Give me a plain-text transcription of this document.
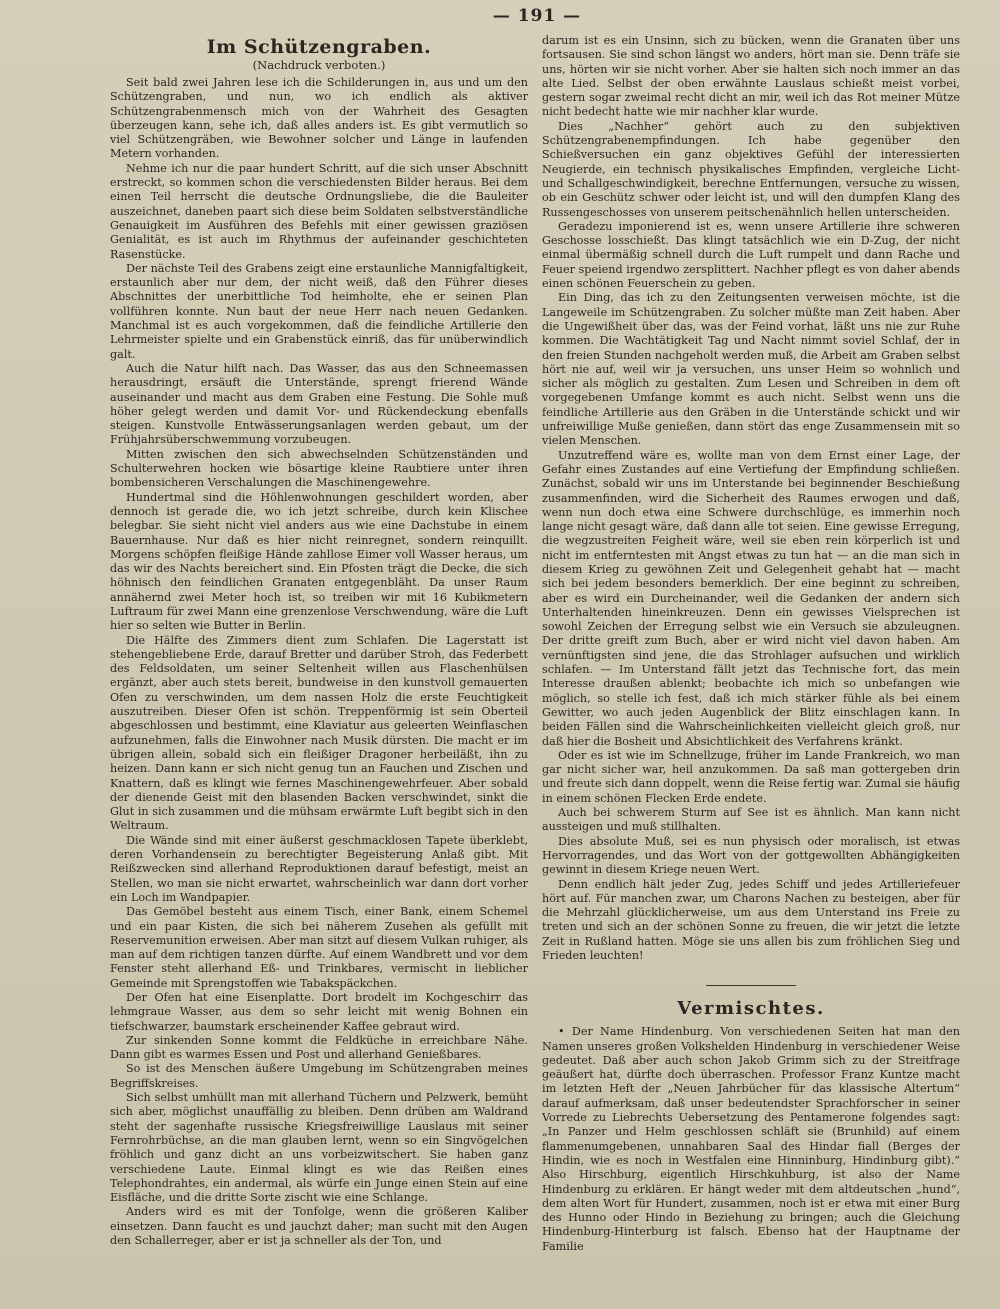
— 191 —
Im Schützengraben.
(Nachdruck verboten.)

Seit bald zwei Jahren lese ich die Schilderungen in, aus und um den Schützengraben, und nun, wo ich endlich als aktiver Schützengrabenmensch mich von der Wahrheit des Gesagten überzeugen kann, sehe ich, daß alles anders ist. Es gibt vermutlich so viel Schützengräben, wie Bewohner solcher und Länge in laufenden Metern vorhanden.

Nehme ich nur die paar hundert Schritt, auf die sich unser Abschnitt erstreckt, so kommen schon die verschiedensten Bilder heraus. Bei dem einen Teil herrscht die deutsche Ordnungsliebe, die die Bauleiter auszeichnet, daneben paart sich diese beim Soldaten selbstverständliche Genauigkeit im Ausführen des Befehls mit einer gewissen graziösen Genialität, es ist auch im Rhythmus der aufeinander geschichteten Rasenstücke.

Der nächste Teil des Grabens zeigt eine erstaunliche Mannigfaltigkeit, erstaunlich aber nur dem, der nicht weiß, daß den Führer dieses Abschnittes der unerbittliche Tod heimholte, ehe er seinen Plan vollführen konnte. Nun baut der neue Herr nach neuen Gedanken. Manchmal ist es auch vorgekommen, daß die feindliche Artillerie den Lehrmeister spielte und ein Grabenstück einriß, das für unüberwindlich galt.

Auch die Natur hilft nach. Das Wasser, das aus den Schneemassen herausdringt, ersäuft die Unterstände, sprengt frierend Wände auseinander und macht aus dem Graben eine Festung. Die Sohle muß höher gelegt werden und damit Vor- und Rückendeckung ebenfalls steigen. Kunstvolle Entwässerungsanlagen werden gebaut, um der Frühjahrsüberschwemmung vorzubeugen.

Mitten zwischen den sich abwechselnden Schützenständen und Schulterwehren hocken wie bösartige kleine Raubtiere unter ihren bombensicheren Verschalungen die Maschinengewehre.

Hundertmal sind die Höhlenwohnungen geschildert worden, aber dennoch ist gerade die, wo ich jetzt schreibe, durch kein Klischee belegbar. Sie sieht nicht viel anders aus wie eine Dachstube in einem Bauernhause. Nur daß es hier nicht reinregnet, sondern reinquillt. Morgens schöpfen fleißige Hände zahllose Eimer voll Wasser heraus, um das wir des Nachts bereichert sind. Ein Pfosten trägt die Decke, die sich höhnisch den feindlichen Granaten entgegenbläht. Da unser Raum annähernd zwei Meter hoch ist, so treiben wir mit 16 Kubikmetern Luftraum für zwei Mann eine grenzenlose Verschwendung, wäre die Luft hier so selten wie Butter in Berlin.

Die Hälfte des Zimmers dient zum Schlafen. Die Lagerstatt ist stehengebliebene Erde, darauf Bretter und darüber Stroh, das Federbett des Feldsoldaten, um seiner Seltenheit willen aus Flaschenhülsen ergänzt, aber auch stets bereit, bundweise in den kunstvoll gemauerten Ofen zu verschwinden, um dem nassen Holz die erste Feuchtigkeit auszutreiben. Dieser Ofen ist schön. Treppenförmig ist sein Oberteil abgeschlossen und bestimmt, eine Klaviatur aus geleerten Weinflaschen aufzunehmen, falls die Einwohner nach Musik dürsten. Die macht er im übrigen allein, sobald sich ein fleißiger Dragoner herbeiläßt, ihn zu heizen. Dann kann er sich nicht genug tun an Fauchen und Zischen und Knattern, daß es klingt wie fernes Maschinengewehrfeuer. Aber sobald der dienende Geist mit den blasenden Backen verschwindet, sinkt die Glut in sich zusammen und die mühsam erwärmte Luft begibt sich in den Weltraum.

Die Wände sind mit einer äußerst geschmacklosen Tapete überklebt, deren Vorhandensein zu berechtigter Begeisterung Anlaß gibt. Mit Reißzwecken sind allerhand Reproduktionen darauf befestigt, meist an Stellen, wo man sie nicht erwartet, wahrscheinlich war dann dort vorher ein Loch im Wandpapier.

Das Gemöbel besteht aus einem Tisch, einer Bank, einem Schemel und ein paar Kisten, die sich bei näherem Zusehen als gefüllt mit Reservemunition erweisen. Aber man sitzt auf diesem Vulkan ruhiger, als man auf dem richtigen tanzen dürfte. Auf einem Wandbrett und vor dem Fenster steht allerhand Eß- und Trinkbares, vermischt in lieblicher Gemeinde mit Sprengstoffen wie Tabakspäckchen.

Der Ofen hat eine Eisenplatte. Dort brodelt im Kochgeschirr das lehmgraue Wasser, aus dem so sehr leicht mit wenig Bohnen ein tiefschwarzer, baumstark erscheinender Kaffee gebraut wird.

Zur sinkenden Sonne kommt die Feldküche in erreichbare Nähe. Dann gibt es warmes Essen und Post und allerhand Genießbares.

So ist des Menschen äußere Umgebung im Schützengraben meines Begriffskreises.

Sich selbst umhüllt man mit allerhand Tüchern und Pelzwerk, bemüht sich aber, möglichst unauffällig zu bleiben. Denn drüben am Waldrand steht der sagenhafte russische Kriegsfreiwillige Lauslaus mit seiner Fernrohrbüchse, an die man glauben lernt, wenn so ein Singvögelchen fröhlich und ganz dicht an uns vorbeizwitschert. Sie haben ganz verschiedene Laute. Einmal klingt es wie das Reißen eines Telephondrahtes, ein andermal, als würfe ein Junge einen Stein auf eine Eisfläche, und die dritte Sorte zischt wie eine Schlange.

Anders wird es mit der Tonfolge, wenn die größeren Kaliber einsetzen. Dann faucht es und jauchzt daher; man sucht mit den Augen den Schallerreger, aber er ist ja schneller als der Ton, und

darum ist es ein Unsinn, sich zu bücken, wenn die Granaten über uns fortsausen. Sie sind schon längst wo anders, hört man sie. Denn träfe sie uns, hörten wir sie nicht vorher. Aber sie halten sich noch immer an das alte Lied. Selbst der oben erwähnte Lauslaus schießt meist vorbei, gestern sogar zweimal recht dicht an mir, weil ich das Rot meiner Mütze nicht bedecht hatte wie mir nachher klar wurde.

Dies „Nachher“ gehört auch zu den subjektiven Schützengrabenempfindungen. Ich habe gegenüber den Schießversuchen ein ganz objektives Gefühl der interessierten Neugierde, ein technisch physikalisches Empfinden, vergleiche Licht- und Schallgeschwindigkeit, berechne Entfernungen, versuche zu wissen, ob ein Geschütz schwer oder leicht ist, und will den dumpfen Klang des Russengeschosses von unserem peitschenähnlich hellen unterscheiden.

Geradezu imponierend ist es, wenn unsere Artillerie ihre schweren Geschosse losschießt. Das klingt tatsächlich wie ein D-Zug, der nicht einmal übermäßig schnell durch die Luft rumpelt und dann Rache und Feuer speiend irgendwo zersplittert. Nachher pflegt es von daher abends einen schönen Feuerschein zu geben.

Ein Ding, das ich zu den Zeitungsenten verweisen möchte, ist die Langeweile im Schützengraben. Zu solcher müßte man Zeit haben. Aber die Ungewißheit über das, was der Feind vorhat, läßt uns nie zur Ruhe kommen. Die Wachtätigkeit Tag und Nacht nimmt soviel Schlaf, der in den freien Stunden nachgeholt werden muß, die Arbeit am Graben selbst hört nie auf, weil wir ja versuchen, uns unser Heim so wohnlich und sicher als möglich zu gestalten. Zum Lesen und Schreiben in dem oft vorgegebenen Umfange kommt es auch nicht. Selbst wenn uns die feindliche Artillerie aus den Gräben in die Unterstände schickt und wir unfreiwillige Muße genießen, dann stört das enge Zusammensein mit so vielen Menschen.

Unzutreffend wäre es, wollte man von dem Ernst einer Lage, der Gefahr eines Zustandes auf eine Vertiefung der Empfindung schließen. Zunächst, sobald wir uns im Unterstande bei beginnender Beschießung zusammenfinden, wird die Sicherheit des Raumes erwogen und daß, wenn nun doch etwa eine Schwere durchschlüge, es immerhin noch lange nicht gesagt wäre, daß dann alle tot seien. Eine gewisse Erregung, die wegzustreiten Feigheit wäre, weil sie eben rein körperlich ist und nicht im entferntesten mit Angst etwas zu tun hat — an die man sich in diesem Krieg zu gewöhnen Zeit und Gelegenheit gehabt hat — macht sich bei jedem besonders bemerklich. Der eine beginnt zu schreiben, aber es wird ein Durcheinander, weil die Gedanken der andern sich Unterhaltenden hineinkreuzen. Denn ein gewisses Vielsprechen ist sowohl Zeichen der Erregung selbst wie ein Versuch sie abzuleugnen. Der dritte greift zum Buch, aber er wird nicht viel davon haben. Am vernünftigsten sind jene, die das Strohlager aufsuchen und wirklich schlafen. — Im Unterstand fällt jetzt das Technische fort, das mein Interesse draußen ablenkt; beobachte ich mich so unbefangen wie möglich, so stelle ich fest, daß ich mich stärker fühle als bei einem Gewitter, wo auch jeden Augenblick der Blitz einschlagen kann. In beiden Fällen sind die Wahrscheinlichkeiten vielleicht gleich groß, nur daß hier die Bosheit und Absichtlichkeit des Verfahrens kränkt.

Oder es ist wie im Schnellzuge, früher im Lande Frankreich, wo man gar nicht sicher war, heil anzukommen. Da saß man gottergeben drin und freute sich dann doppelt, wenn die Reise fertig war. Zumal sie häufig in einem schönen Flecken Erde endete.

Auch bei schwerem Sturm auf See ist es ähnlich. Man kann nicht aussteigen und muß stillhalten.

Dies absolute Muß, sei es nun physisch oder moralisch, ist etwas Hervorragendes, und das Wort von der gottgewollten Abhängigkeiten gewinnt in diesem Kriege neuen Wert.

Denn endlich hält jeder Zug, jedes Schiff und jedes Artilleriefeuer hört auf. Für manchen zwar, um Charons Nachen zu besteigen, aber für die Mehrzahl glücklicherweise, um aus dem Unterstand ins Freie zu treten und sich an der schönen Sonne zu freuen, die wir jetzt die letzte Zeit in Rußland hatten. Möge sie uns allen bis zum fröhlichen Sieg und Frieden leuchten!

Vermischtes.

• Der Name Hindenburg. Von verschiedenen Seiten hat man den Namen unseres großen Volkshelden Hindenburg in verschiedener Weise gedeutet. Daß aber auch schon Jakob Grimm sich zu der Streitfrage geäußert hat, dürfte doch überraschen. Professor Franz Kuntze macht im letzten Heft der „Neuen Jahrbücher für das klassische Altertum“ darauf aufmerksam, daß unser bedeutendster Sprachforscher in seiner Vorrede zu Liebrechts Uebersetzung des Pentamerone folgendes sagt: „In Panzer und Helm geschlossen schläft sie (Brunhild) auf einem flammenumgebenen, unnahbaren Saal des Hindar fiall (Berges der Hindin, wie es noch in Westfalen eine Hinninburg, Hindinburg gibt).“ Also Hirschburg, eigentlich Hirschkuhburg, ist also der Name Hindenburg zu erklären. Er hängt weder mit dem altdeutschen „hund“, dem alten Wort für Hundert, zusammen, noch ist er etwa mit einer Burg des Hunno oder Hindo in Beziehung zu bringen; auch die Gleichung Hindenburg-Hinterburg ist falsch. Ebenso hat der Hauptname der Familie
